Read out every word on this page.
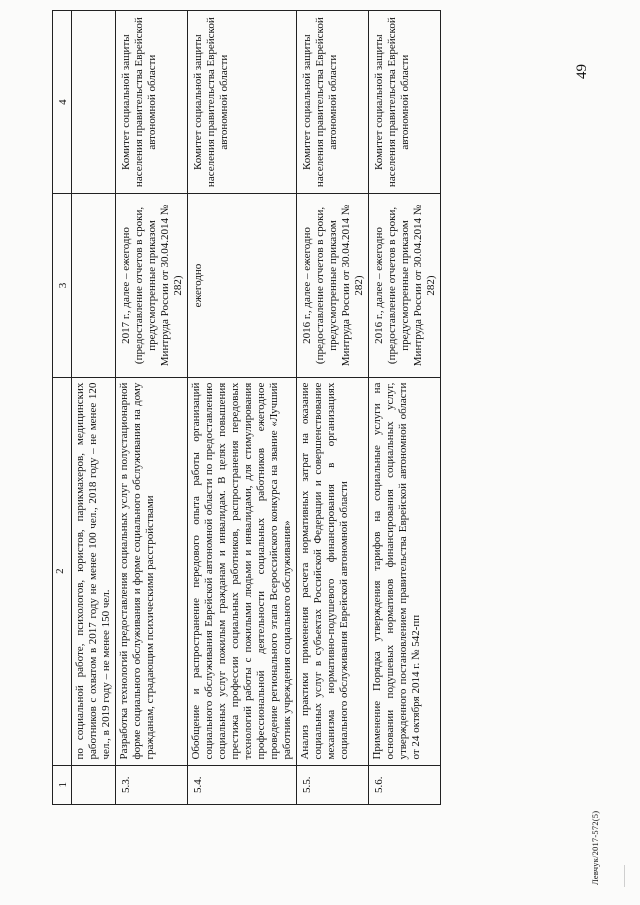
49
1	2	3	4
	по социальной работе, психологов, юристов, парикмахеров, медицинских работников с охватом в 2017 году не менее 100 чел., 2018 году – не менее 120 чел., в 2019 году – не менее 150 чел.		
5.3.	Разработка технологий предоставления социальных услуг в полустационарной форме социального обслуживания и форме социального обслуживания на дому гражданам, страдающим психическими расстройствами	2017 г., далее – ежегодно (предоставление отчетов в сроки, предусмотренные приказом Минтруда России от 30.04.2014 № 282)	Комитет социальной защиты населения правительства Еврейской автономной области
5.4.	Обобщение и распространение передового опыта работы организаций социального обслуживания Еврейской автономной области по предоставлению социальных услуг пожилым гражданам и инвалидам. В целях повышения престижа профессии социальных работников, распространения передовых технологий работы с пожилыми людьми и инвалидами, для стимулирования профессиональной деятельности социальных работников ежегодное проведение регионального этапа Всероссийского конкурса на звание «Лучший работник учреждения социального обслуживания»	ежегодно	Комитет социальной защиты населения правительства Еврейской автономной области
5.5.	Анализ практики применения расчета нормативных затрат на оказание социальных услуг в субъектах Российской Федерации и совершенствование механизма нормативно-подушевого финансирования в организациях социального обслуживания Еврейской автономной области	2016 г., далее – ежегодно (предоставление отчетов в сроки, предусмотренные приказом Минтруда России от 30.04.2014 № 282)	Комитет социальной защиты населения правительства Еврейской автономной области
5.6.	Применение Порядка утверждения тарифов на социальные услуги на основании подушевых нормативов финансирования социальных услуг, утвержденного постановлением правительства Еврейской автономной области от 24 октября 2014 г. № 542-пп	2016 г., далее – ежегодно (предоставление отчетов в сроки, предусмотренные приказом Минтруда России от 30.04.2014 № 282)	Комитет социальной защиты населения правительства Еврейской автономной области
Левчук/2017-572(5)
